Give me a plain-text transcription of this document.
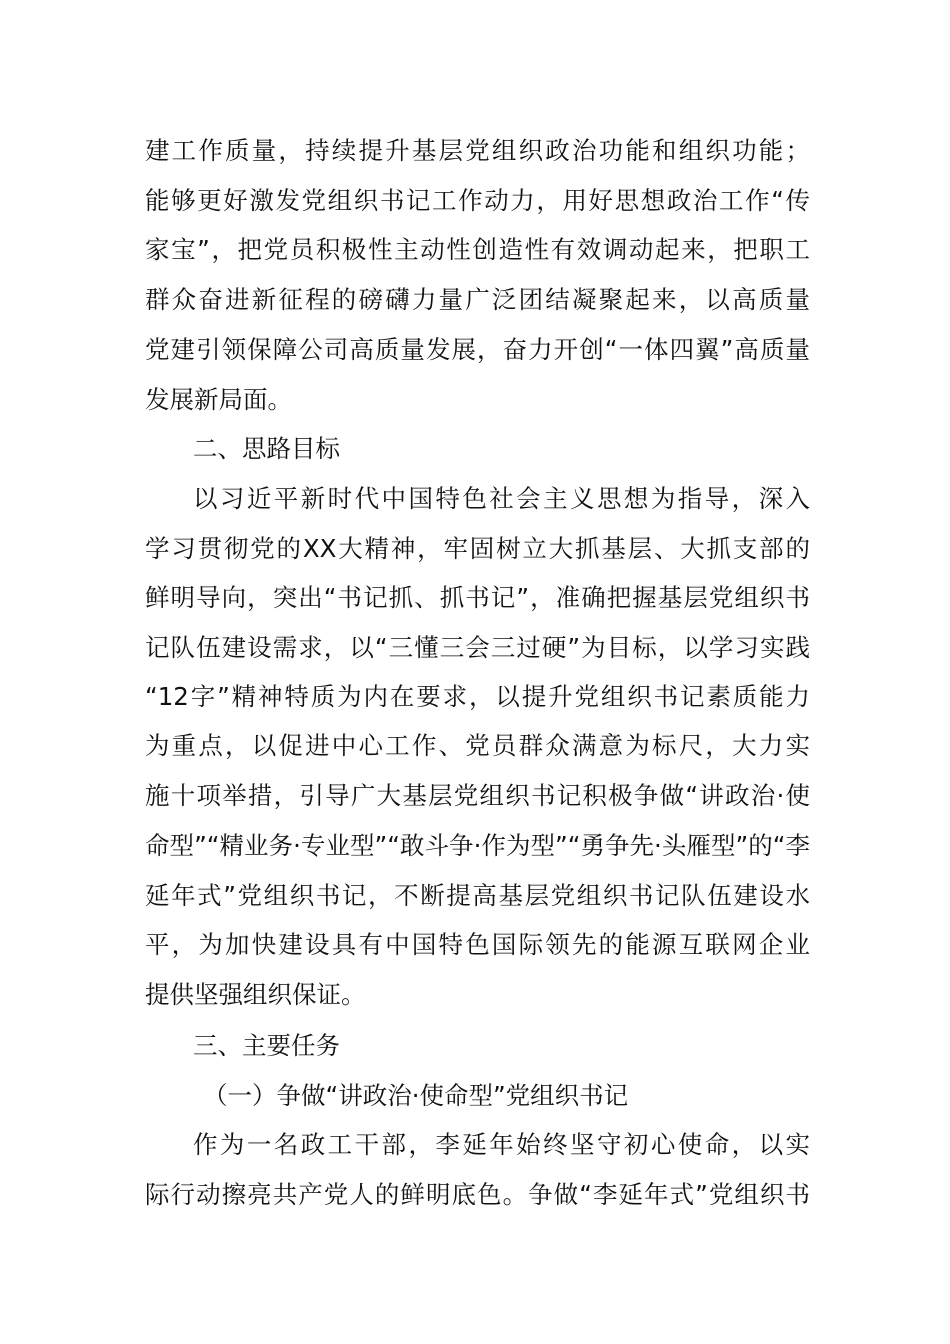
建工作质量，持续提升基层党组织政治功能和组织功能；
能够更好激发党组织书记工作动力，用好思想政治工作“传
家宝”，把党员积极性主动性创造性有效调动起来，把职工
群众奋进新征程的磅礴力量广泛团结凝聚起来，以高质量
党建引领保障公司高质量发展，奋力开创“一体四翼”高质量
发展新局面。
二、思路目标
以习近平新时代中国特色社会主义思想为指导，深入
学习贯彻党的XX大精神，牢固树立大抓基层、大抓支部的
鲜明导向，突出“书记抓、抓书记”，准确把握基层党组织书
记队伍建设需求，以“三懂三会三过硬”为目标，以学习实践
“12字”精神特质为内在要求，以提升党组织书记素质能力
为重点，以促进中心工作、党员群众满意为标尺，大力实
施十项举措，引导广大基层党组织书记积极争做“讲政治·使
命型”“精业务·专业型”“敢斗争·作为型”“勇争先·头雁型”的“李
延年式”党组织书记，不断提高基层党组织书记队伍建设水
平，为加快建设具有中国特色国际领先的能源互联网企业
提供坚强组织保证。
三、主要任务
（一）争做“讲政治·使命型”党组织书记
作为一名政工干部，李延年始终坚守初心使命，以实
际行动擦亮共产党人的鲜明底色。争做“李延年式”党组织书
